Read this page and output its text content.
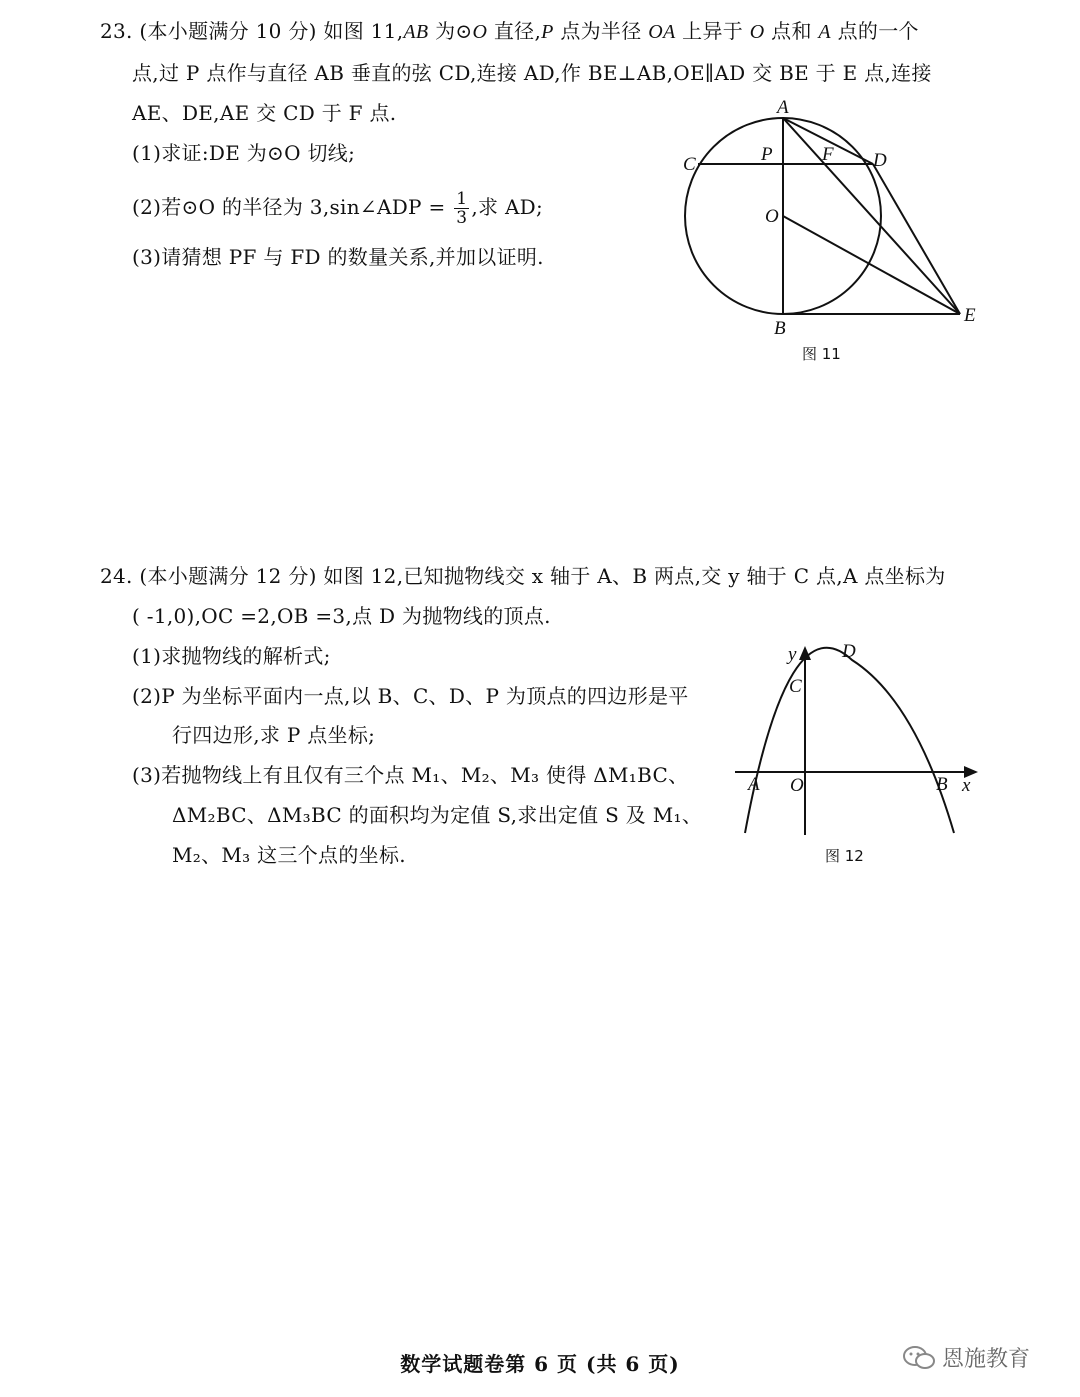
23. (本小题满分 10 分) 如图 11,AB 为⊙O 直径,P 点为半径 OA 上异于 O 点和 A 点的一个
点,过 P 点作与直径 AB 垂直的弦 CD,连接 AD,作 BE⊥AB,OE∥AD 交 BE 于 E 点,连接
AE、DE,AE 交 CD 于 F 点.
(1)求证:DE 为⊙O 切线;
(2)若⊙O 的半径为 3,sin∠ADP = $\frac{1}{3}$ ,求 AD;
(3)请猜想 PF 与 FD 的数量关系,并加以证明.
A
C	P	F D
O
B
E
图 11
24. (本小题满分 12 分) 如图 12,已知抛物线交 x 轴于 A、B 两点,交 y 轴于 C 点,A 点坐标为
( -1,0),OC =2,OB =3,点 D 为抛物线的顶点.
(1)求抛物线的解析式;
(2)P 为坐标平面内一点,以 B、C、D、P 为顶点的四边形是平
行四边形,求 P 点坐标;
(3)若抛物线上有且仅有三个点 M₁、M₂、M₃ 使得 ΔM₁BC、
ΔM₂BC、ΔM₃BC 的面积均为定值 S,求出定值 S 及 M₁、
M₂、M₃ 这三个点的坐标.
y
x
D
C
A O	B
图 12
数学试题卷第 6 页 (共 6 页)	恩施教育
